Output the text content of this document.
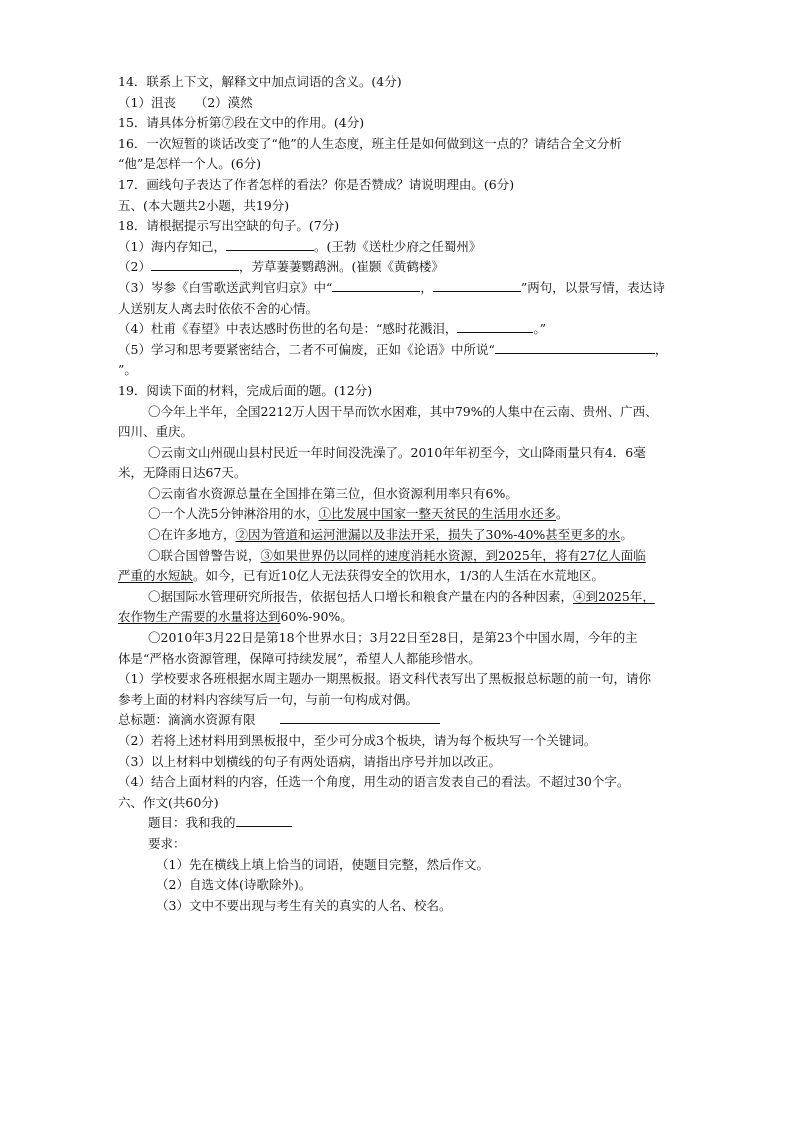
14．联系上下文，解释文中加点词语的含义。(4分)
（1）沮丧　　（2）漠然
15．请具体分析第⑦段在文中的作用。(4分)
16．一次短暂的谈话改变了“他”的人生态度，班主任是如何做到这一点的？请结合全文分析
“他”是怎样一个人。(6分)
17．画线句子表达了作者怎样的看法？你是否赞成？请说明理由。(6分)
五、(本大题共2小题，共19分)
18．请根据提示写出空缺的句子。(7分)
（1）海内存知己，	。(王勃《送杜少府之任蜀州》
（2）	，芳草萋萋鹦鹉洲。(崔颢《黄鹤楼》
（3）岑参《白雪歌送武判官归京》中“	，	”两句，以景写情，表达诗
人送别友人离去时依依不舍的心情。
（4）杜甫《春望》中表达感时伤世的名句是：“感时花溅泪，	。”
（5）学习和思考要紧密结合，二者不可偏废，正如《论语》中所说“	，
”。
19．阅读下面的材料，完成后面的题。(12分)
〇今年上半年，全国2212万人因干旱而饮水困难，其中79%的人集中在云南、贵州、广西、
四川、重庆。
〇云南文山州砚山县村民近一年时间没洗澡了。2010年年初至今，文山降雨量只有4．6毫
米，无降雨日达67天。
〇云南省水资源总量在全国排在第三位，但水资源利用率只有6%。
〇一个人洗5分钟淋浴用的水，①比发展中国家一整天贫民的生活用水还多。
〇在许多地方，②因为管道和运河泄漏以及非法开采，损失了30%-40%甚至更多的水。
〇联合国曾警告说，③如果世界仍以同样的速度消耗水资源，到2025年，将有27亿人面临
严重的水短缺。如今，已有近10亿人无法获得安全的饮用水，1/3的人生活在水荒地区。
〇据国际水管理研究所报告，依据包括人口增长和粮食产量在内的各种因素，④到2025年，
农作物生产需要的水量将达到60%-90%。
〇2010年3月22日是第18个世界水日；3月22日至28日，是第23个中国水周，今年的主
体是“严格水资源管理，保障可持续发展”，希望人人都能珍惜水。
（1）学校要求各班根据水周主题办一期黑板报。语文科代表写出了黑板报总标题的前一句，请你
参考上面的材料内容续写后一句，与前一句构成对偶。
总标题：滴滴水资源有限
（2）若将上述材料用到黑板报中，至少可分成3个板块，请为每个板块写一个关键词。
（3）以上材料中划横线的句子有两处语病，请指出序号并加以改正。
（4）结合上面材料的内容，任选一个角度，用生动的语言发表自己的看法。不超过30个字。
六、作文(共60分)
题目：我和我的
要求：
（1）先在横线上填上恰当的词语，使题目完整，然后作文。
（2）自选文体(诗歌除外)。
（3）文中不要出现与考生有关的真实的人名、校名。
